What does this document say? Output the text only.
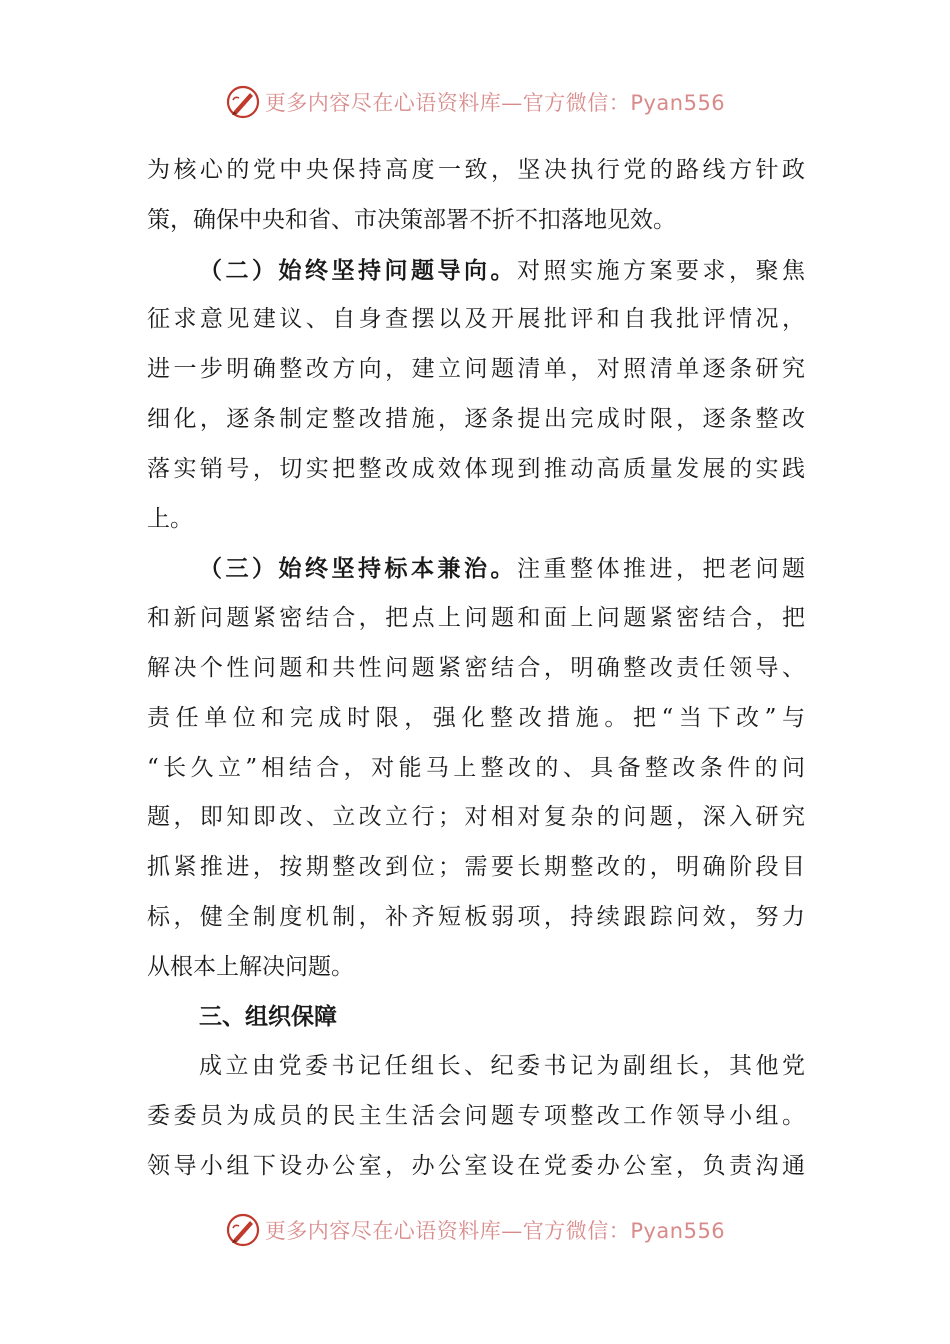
更多内容尽在心语资料库—官方微信：Pyan556
为核心的党中央保持高度一致，坚决执行党的路线方针政
策，确保中央和省、市决策部署不折不扣落地见效。
（二）始终坚持问题导向。对照实施方案要求，聚焦
征求意见建议、自身查摆以及开展批评和自我批评情况，
进一步明确整改方向，建立问题清单，对照清单逐条研究
细化，逐条制定整改措施，逐条提出完成时限，逐条整改
落实销号，切实把整改成效体现到推动高质量发展的实践
上。
（三）始终坚持标本兼治。注重整体推进，把老问题
和新问题紧密结合，把点上问题和面上问题紧密结合，把
解决个性问题和共性问题紧密结合，明确整改责任领导、
责任单位和完成时限，强化整改措施。把“当下改”与
“长久立”相结合，对能马上整改的、具备整改条件的问
题，即知即改、立改立行；对相对复杂的问题，深入研究
抓紧推进，按期整改到位；需要长期整改的，明确阶段目
标，健全制度机制，补齐短板弱项，持续跟踪问效，努力
从根本上解决问题。
三、组织保障
成立由党委书记任组长、纪委书记为副组长，其他党
委委员为成员的民主生活会问题专项整改工作领导小组。
领导小组下设办公室，办公室设在党委办公室，负责沟通
更多内容尽在心语资料库—官方微信：Pyan556
